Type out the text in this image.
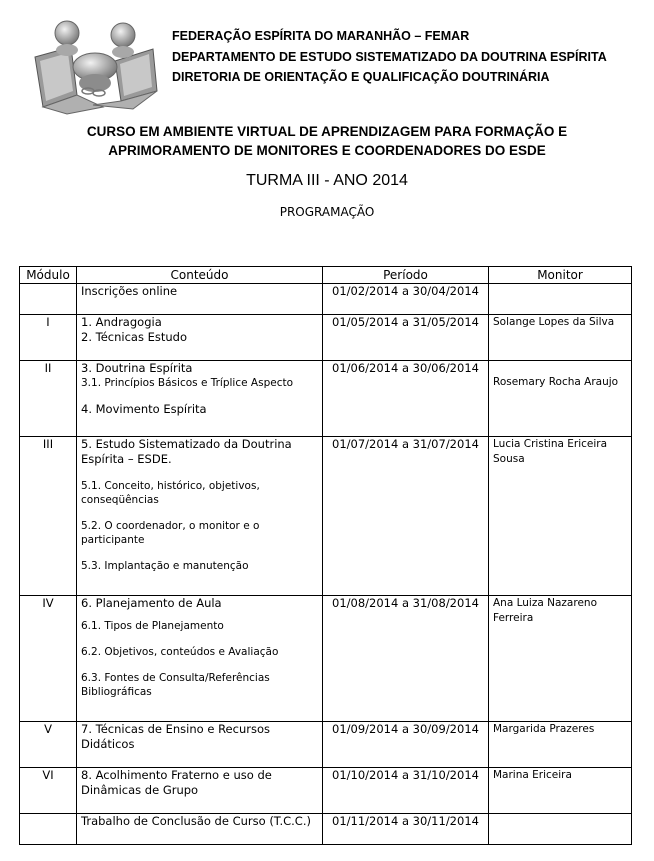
FEDERAÇÃO ESPÍRITA DO MARANHÃO – FEMAR
DEPARTAMENTO DE ESTUDO SISTEMATIZADO DA DOUTRINA ESPÍRITA
DIRETORIA DE ORIENTAÇÃO E QUALIFICAÇÃO DOUTRINÁRIA
CURSO EM AMBIENTE VIRTUAL DE APRENDIZAGEM PARA FORMAÇÃO E
APRIMORAMENTO DE MONITORES E COORDENADORES DO ESDE
TURMA III - ANO 2014
PROGRAMAÇÃO
Módulo	Conteúdo	Período	Monitor

	Inscrições online	01/02/2014 a 30/04/2014	
I	1. Andragogia
2. Técnicas Estudo	01/05/2014 a 31/05/2014	Solange Lopes da Silva
II	3. Doutrina Espírita
3.1. Princípios Básicos e Tríplice Aspecto
4. Movimento Espírita	01/06/2014 a 30/06/2014	Rosemary Rocha Araujo
III	5. Estudo Sistematizado da Doutrina Espírita – ESDE.
5.1. Conceito, histórico, objetivos, conseqüências
5.2. O coordenador, o monitor e o participante
5.3. Implantação e manutenção	01/07/2014 a 31/07/2014	Lucia Cristina Ericeira Sousa
IV	6. Planejamento de Aula
6.1. Tipos de Planejamento
6.2. Objetivos, conteúdos e Avaliação
6.3. Fontes de Consulta/Referências Bibliográficas	01/08/2014 a 31/08/2014	Ana Luiza Nazareno Ferreira
V	7. Técnicas de Ensino e Recursos Didáticos	01/09/2014 a 30/09/2014	Margarida Prazeres
VI	8. Acolhimento Fraterno e uso de Dinâmicas de Grupo	01/10/2014 a 31/10/2014	Marina Ericeira

	Trabalho de Conclusão de Curso (T.C.C.)	01/11/2014 a 30/11/2014	
